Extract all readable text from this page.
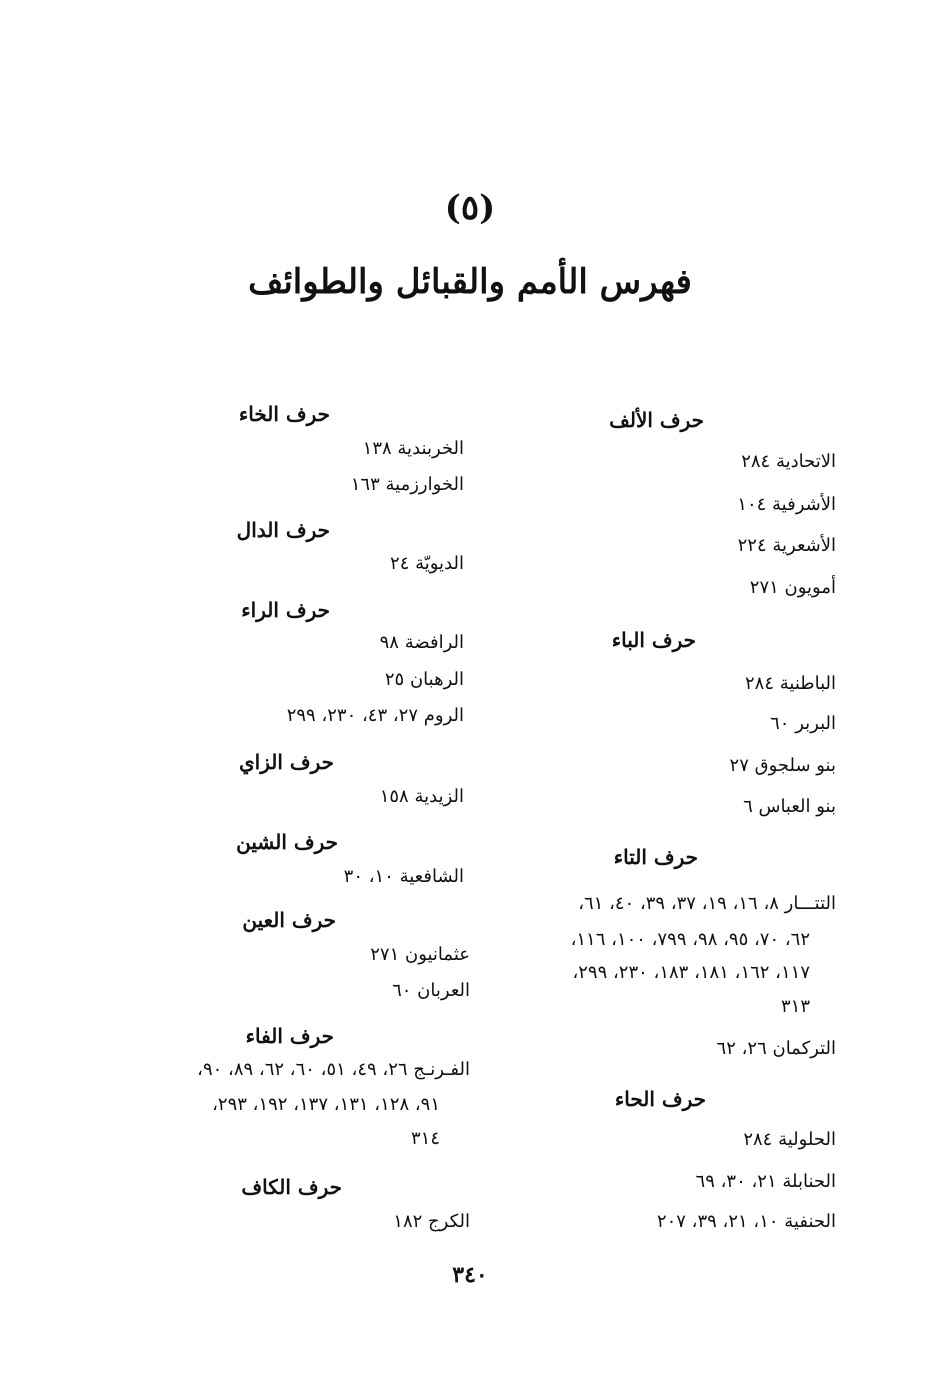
(٥)
فهرس الأمم والقبائل والطوائف
حرف الألف
الاتحادية ٢٨٤
الأشرفية ١٠٤
الأشعرية ٢٢٤
أمويون ٢٧١
حرف الباء
الباطنية ٢٨٤
البربر ٦٠
بنو سلجوق ٢٧
بنو العباس ٦
حرف التاء
التتـــار ٨، ١٦، ١٩، ٣٧، ٣٩، ٤٠، ٦١،
٦٢، ٧٠، ٩٥، ٩٨، ٧٩٩، ١٠٠، ١١٦،
١١٧، ١٦٢، ١٨١، ١٨٣، ٢٣٠، ٢٩٩،
٣١٣
التركمان ٢٦، ٦٢
حرف الحاء
الحلولية ٢٨٤
الحنابلة ٢١، ٣٠، ٦٩
الحنفية ١٠، ٢١، ٣٩، ٢٠٧
حرف الخاء
الخربندية ١٣٨
الخوارزمية ١٦٣
حرف الدال
الديويّة ٢٤
حرف الراء
الرافضة ٩٨
الرهبان ٢٥
الروم ٢٧، ٤٣، ٢٣٠، ٢٩٩
حرف الزاي
الزيدية ١٥٨
حرف الشين
الشافعية ١٠، ٣٠
حرف العين
عثمانيون ٢٧١
العربان ٦٠
حرف الفاء
الفـرنـج ٢٦، ٤٩، ٥١، ٦٠، ٦٢، ٨٩، ٩٠،
٩١، ١٢٨، ١٣١، ١٣٧، ١٩٢، ٢٩٣،
٣١٤
حرف الكاف
الكرج ١٨٢
٣٤٠
